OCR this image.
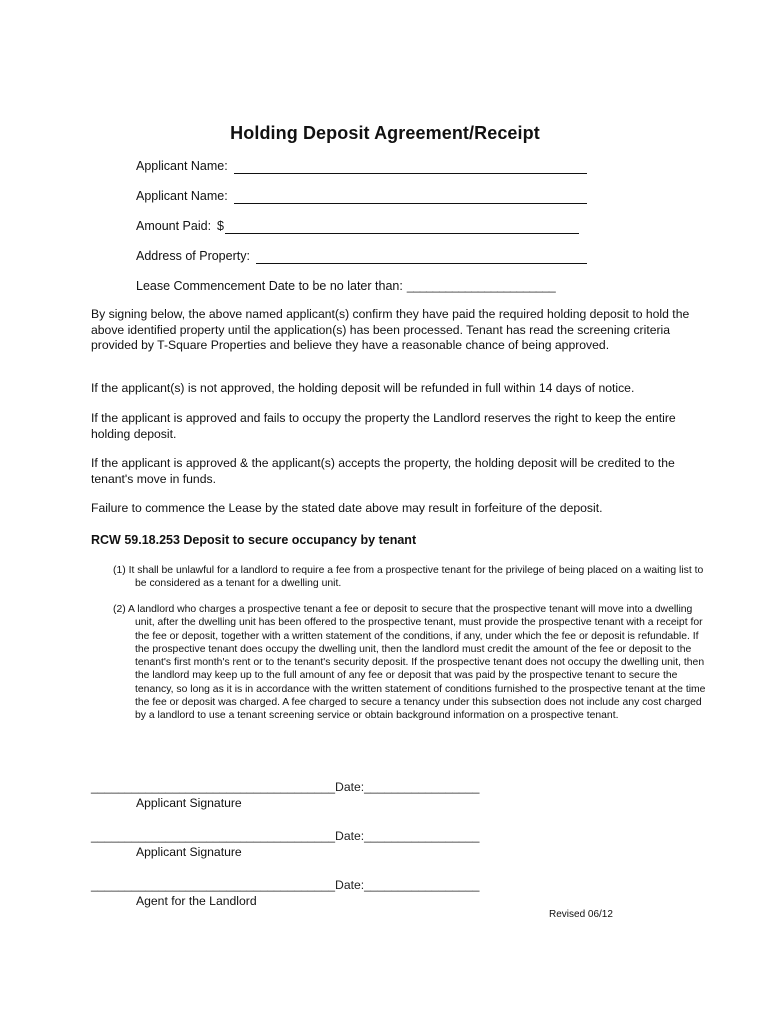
Holding Deposit Agreement/Receipt
Applicant Name:
Applicant Name:
Amount Paid: $
Address of Property:
Lease Commencement Date to be no later than: _______________________

By signing below, the above named applicant(s) confirm they have paid the required holding deposit to hold the above identified property until the application(s) has been processed. Tenant has read the screening criteria provided by T-Square Properties and believe they have a reasonable chance of being approved.

If the applicant(s) is not approved, the holding deposit will be refunded in full within 14 days of notice.

If the applicant is approved and fails to occupy the property the Landlord reserves the right to keep the entire holding deposit.

If the applicant is approved & the applicant(s) accepts the property, the holding deposit will be credited to the tenant's move in funds.

Failure to commence the Lease by the stated date above may result in forfeiture of the deposit.

RCW 59.18.253 Deposit to secure occupancy by tenant

(1) It shall be unlawful for a landlord to require a fee from a prospective tenant for the privilege of being placed on a waiting list to be considered as a tenant for a dwelling unit.

(2) A landlord who charges a prospective tenant a fee or deposit to secure that the prospective tenant will move into a dwelling unit, after the dwelling unit has been offered to the prospective tenant, must provide the prospective tenant with a receipt for the fee or deposit, together with a written statement of the conditions, if any, under which the fee or deposit is refundable. If the prospective tenant does occupy the dwelling unit, then the landlord must credit the amount of the fee or deposit to the tenant's first month's rent or to the tenant's security deposit. If the prospective tenant does not occupy the dwelling unit, then the landlord may keep up to the full amount of any fee or deposit that was paid by the prospective tenant to secure the tenancy, so long as it is in accordance with the written statement of conditions furnished to the prospective tenant at the time the fee or deposit was charged. A fee charged to secure a tenancy under this subsection does not include any cost charged by a landlord to use a tenant screening service or obtain background information on a prospective tenant.

____________________________________Date:_________________
Applicant Signature
____________________________________Date:_________________
Applicant Signature
____________________________________Date:_________________
Agent for the Landlord
Revised 06/12
